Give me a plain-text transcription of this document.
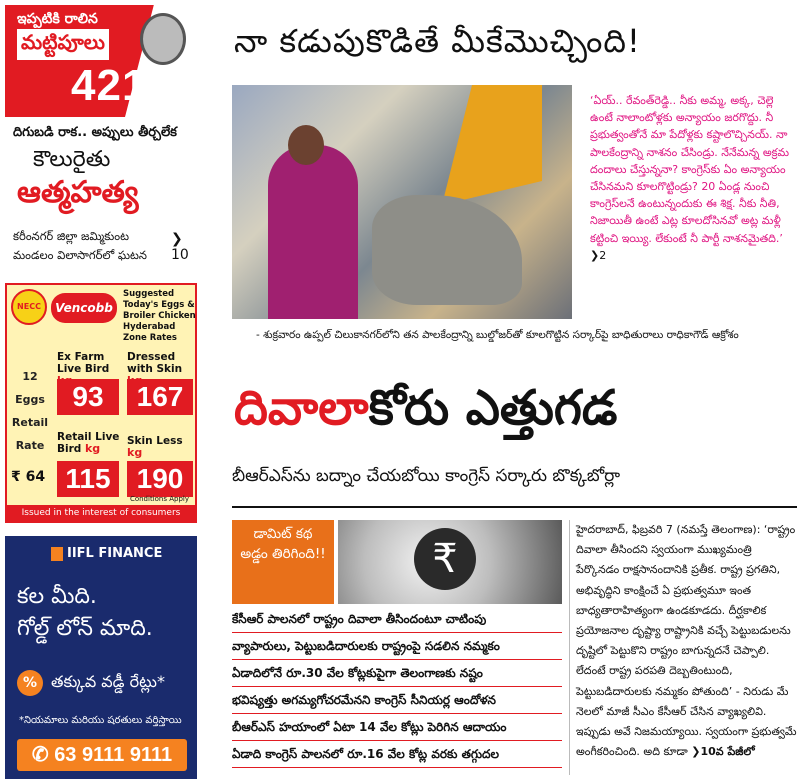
ఇప్పటికి రాలిన
మట్టిపూలు
421
దిగుబడి రాక.. అప్పులు తీర్చలేక
కౌలురైతు
ఆత్మహత్య
కరీంనగర్ జిల్లా జమ్మికుంట
మండలం విలాసాగర్‌లో ఘటన
❯10
NECC	Vencobb
Suggested Today's Eggs & Broiler Chicken Hyderabad Zone Rates
12
Eggs
Retail
Rate
₹ 64
Ex Farm Live Bird
93
Dressed with Skin
167
Retail Live Bird kg
115
Skin Less kg
190
Conditions Apply
Issued in the interest of consumers
IIFL FINANCE
కల మీది.
గోల్డ్ లోన్ మాది.
% తక్కువ వడ్డీ రేట్లు*
*నియమాలు మరియు షరతులు వర్తిస్తాయి
✆ 63 9111 9111
నా కడుపుకొడితే మీకేమొచ్చింది!
‘ఏయ్.. రేవంత్‌రెడ్డి.. నీకు అమ్మ, అక్క, చెల్లె ఉంటే నాలాంటోళ్లకు అన్యాయం జరగొద్దు. నీ ప్రభుత్వంతోనే మా పేదోళ్లకు కష్టాలొచ్చినయ్. నా పాలకేంద్రాన్ని నాశనం చేసిండ్రు. నేనేమన్న అక్రమ దందాలు చేస్తున్ననా? కాంగ్రెస్‌కు ఏం అన్యాయం చేసినమని కూలగొట్టిండ్రు? 20 ఏండ్ల నుంచి కాంగ్రెస్‌లనే ఉంటున్నందుకు ఈ శిక్ష. నీకు నీతి, నిజాయితీ ఉంటే ఎట్ల కూలదోసినవో అట్ల మళ్లీ కట్టించి ఇయ్యి. లేకుంటే నీ పార్టీ నాశనమైతది.’ ❯2
- శుక్రవారం ఉప్పల్ చిలుకానగర్‌లోని తన పాలకేంద్రాన్ని బుల్డోజర్‌తో కూలగొట్టిన సర్కార్‌పై బాధితురాలు రాధికాగౌడ్ ఆక్రోశం
దివాలాకోరు ఎత్తుగడ
బీఆర్‌ఎస్‌ను బద్నాం చేయబోయి కాంగ్రెస్ సర్కారు బొక్కబోర్లా
డామిట్ కథ అడ్డం తిరిగింది!!	₹
కేసీఆర్ పాలనలో రాష్ట్రం దివాలా తీసిందంటూ చాటింపు
వ్యాపారులు, పెట్టుబడిదారులకు రాష్ట్రంపై సడలిన నమ్మకం
ఏడాదిలోనే రూ.30 వేల కోట్లకుపైగా తెలంగాణకు నష్టం
భవిష్యత్తు అగమ్యగోచరమేనని కాంగ్రెస్ సీనియర్ల ఆందోళన
బీఆర్‌ఎస్ హయాంలో ఏటా 14 వేల కోట్లు పెరిగిన ఆదాయం
ఏడాది కాంగ్రెస్ పాలనలో రూ.16 వేల కోట్ల వరకు తగ్గుదల
హైదరాబాద్, ఫిబ్రవరి 7 (నమస్తే తెలంగాణ): ‘రాష్ట్రం దివాలా తీసిందని స్వయంగా ముఖ్యమంత్రి పేర్కొనడం రాక్షసానందానికి ప్రతీక. రాష్ట్ర ప్రగతిని, అభివృద్ధిని కాంక్షించే ఏ ప్రభుత్వమూ ఇంత బాధ్యతారాహిత్యంగా ఉండకూడదు. దీర్ఘకాలిక ప్రయోజనాల దృష్ట్యా రాష్ట్రానికి వచ్చే పెట్టుబడులను దృష్టిలో పెట్టుకొని రాష్ట్రం బాగున్నదనే చెప్పాలి. లేదంటే రాష్ట్ర పరపతి దెబ్బతింటుంది, పెట్టుబడిదారులకు నమ్మకం పోతుంది’ - నిరుడు మే నెలలో మాజీ సీఎం కేసీఆర్ చేసిన వ్యాఖ్యలివి. ఇప్పుడు అవే నిజమయ్యాయి. స్వయంగా ప్రభుత్వమే అంగీకరించింది. అది కూడా ❯10వ పేజీలో
